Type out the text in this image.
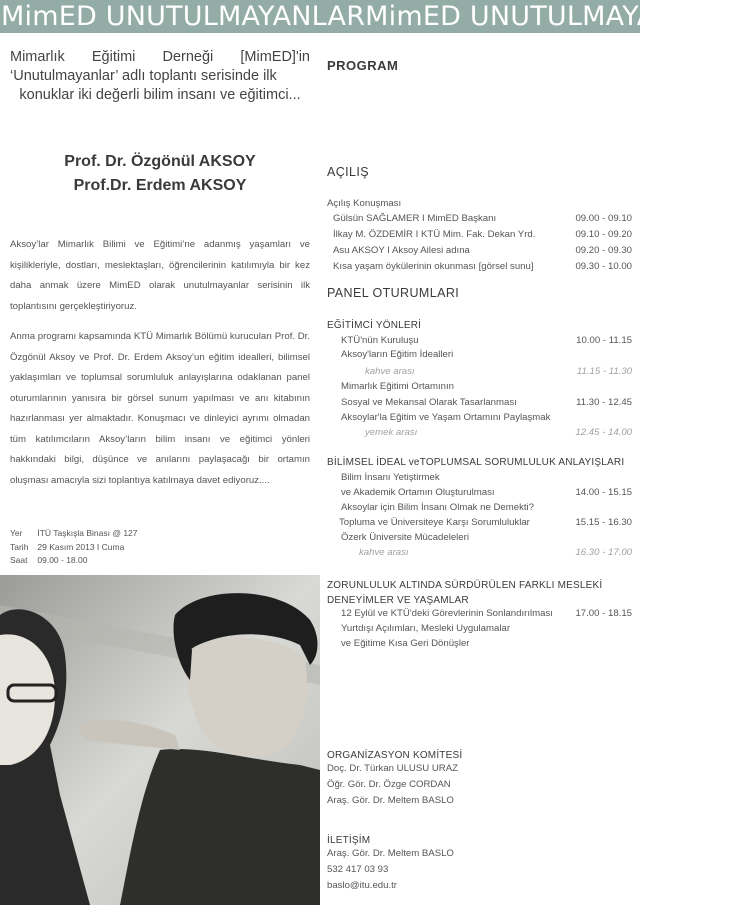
MimED UNUTULMAYANLARMimED UNUTULMAYANLAR
Mimarlık Eğitimi Derneği [MimED]'in ‘Unutulmayanlar’ adlı toplantı serisinde ilk
konuklar iki değerli bilim insanı ve eğitimci...
Prof. Dr. Özgönül AKSOY
Prof.Dr. Erdem AKSOY
Aksoy’lar Mimarlık Bilimi ve Eğitimi’ne adanmış yaşamları ve kişilikleriyle, dostları, meslektaşları, öğrencilerinin katılımıyla bir kez daha anmak üzere MimED olarak unutulmayanlar serisinin ilk toplantısını gerçekleştiriyoruz.
Anma programı kapsamında KTÜ Mimarlık Bölümü kurucuları Prof. Dr. Özgönül Aksoy ve Prof. Dr. Erdem Aksoy’un eğitim idealleri, bilimsel yaklaşımları ve toplumsal sorumluluk anlayışlarına odaklanan panel oturumlarının yanısıra bir görsel sunum yapılması ve anı kitabının hazırlanması yer almaktadır. Konuşmacı ve dinleyici ayrımı olmadan tüm katılımcıların Aksoy’ların bilim insanı ve eğitimci yönleri hakkındaki bilgi, düşünce ve anılarını paylaşacağı bir ortamın oluşması amacıyla sizi toplantıya katılmaya davet ediyoruz....
Yer İTÜ Taşkışla Binası @ 127
Tarih 29 Kasım 2013 I Cuma
Saat 09.00 - 18.00
PROGRAM
AÇILIŞ
Açılış Konuşması
Gülsün SAĞLAMER I MimED Başkanı	09.00 - 09.10
İlkay M. ÖZDEMİR I KTÜ Mim. Fak. Dekan Yrd.	09.10 - 09.20
Asu AKSOY I Aksoy Ailesi adına	09.20 - 09.30
Kısa yaşam öykülerinin okunması [görsel sunu]	09.30 - 10.00
PANEL OTURUMLARI
EĞİTİMCİ YÖNLERİ
KTÜ'nün Kuruluşu	10.00 - 11.15
Aksoy'ların Eğitim İdealleri
kahve arası	11.15 - 11.30
Mimarlık Eğitimi Ortamının
Sosyal ve Mekansal Olarak Tasarlanması	11.30 - 12.45
Aksoylar'la Eğitim ve Yaşam Ortamını Paylaşmak
yemek arası	12.45 - 14.00
BİLİMSEL İDEAL veTOPLUMSAL SORUMLULUK ANLAYIŞLARI
Bilim İnsanı Yetiştirmek
ve Akademik Ortamın Oluşturulması	14.00 - 15.15
Aksoylar için Bilim İnsanı Olmak ne Demekti?
Topluma ve Üniversiteye Karşı Sorumluluklar	15.15 - 16.30
Özerk Üniversite Mücadeleleri
kahve arası	16.30 - 17.00
ZORUNLULUK ALTINDA SÜRDÜRÜLEN FARKLI MESLEKİ
DENEYİMLER VE YAŞAMLAR
12 Eylül ve KTÜ'deki Görevlerinin Sonlandırılması 17.00 - 18.15
Yurtdışı Açılımları, Mesleki Uygulamalar
ve Eğitime Kısa Geri Dönüşler
ORGANİZASYON KOMİTESİ
Doç. Dr. Türkan ULUSU URAZ
Öğr. Gör. Dr. Özge CORDAN
Araş. Gör. Dr. Meltem BASLO
İLETİŞİM
Araş. Gör. Dr. Meltem BASLO
532 417 03 93
baslo@itu.edu.tr
